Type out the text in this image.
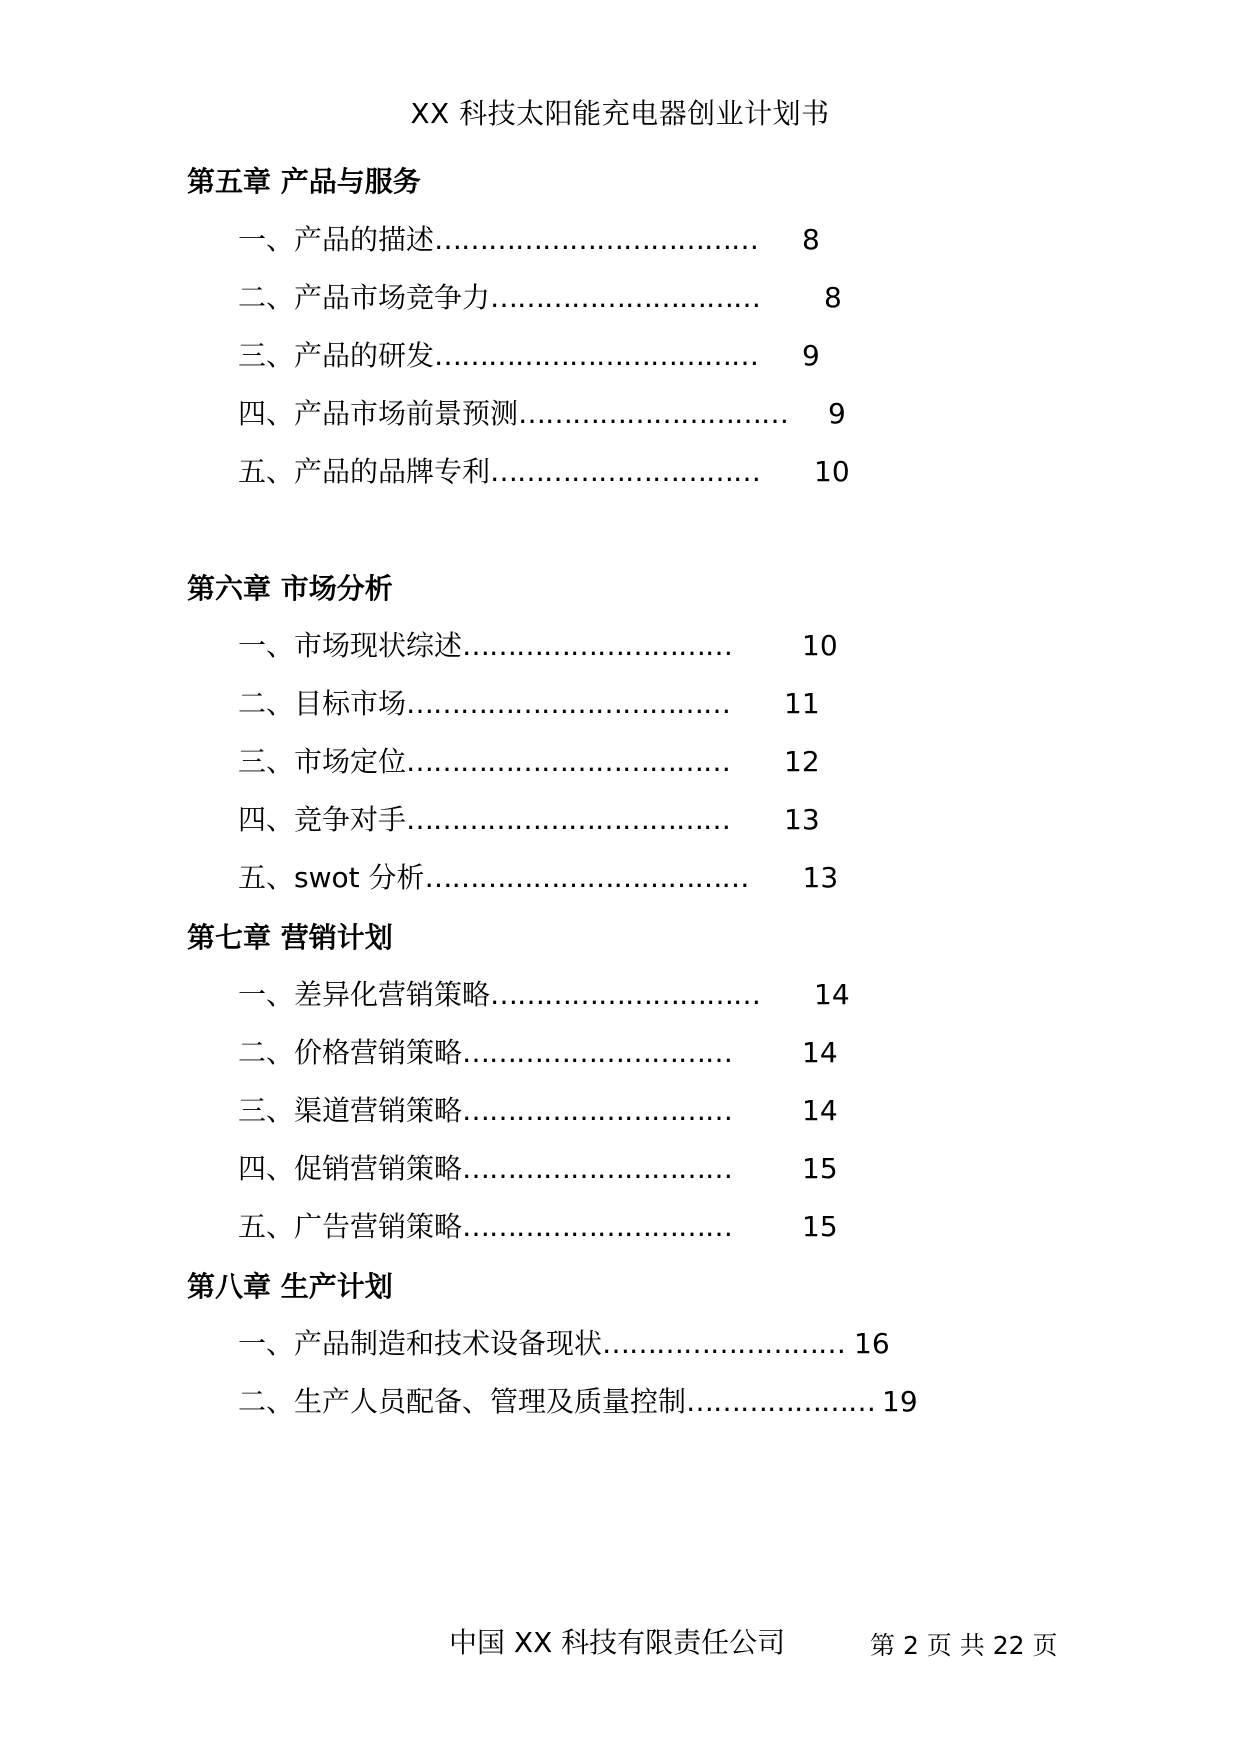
XX 科技太阳能充电器创业计划书
第五章 产品与服务
一、产品的描述 ………………………………	8
二、产品市场竞争力 …………………………	8
三、产品的研发 ………………………………	9
四、产品市场前景预测 …………………………	9
五、产品的品牌专利 …………………………	10
第六章 市场分析
一、市场现状综述 …………………………	10
二、目标市场 ………………………………	11
三、市场定位 ………………………………	12
四、竞争对手 ………………………………	13
五、swot 分析 ………………………………	13
第七章 营销计划
一、差异化营销策略 …………………………	14
二、价格营销策略 …………………………	14
三、渠道营销策略 …………………………	14
四、促销营销策略 …………………………	15
五、广告营销策略 …………………………	15
第八章 生产计划
一、产品制造和技术设备现状 ……………………… 16
二、生产人员配备、管理及质量控制 ………………… 19
中国 XX 科技有限责任公司	第 2 页 共 22 页
